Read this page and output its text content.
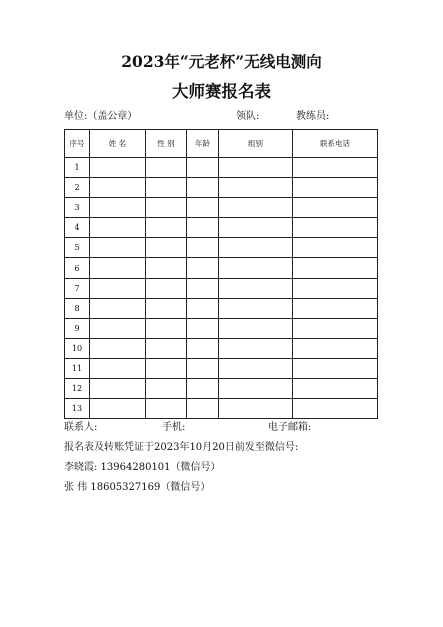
2023年“元老杯”无线电测向
大师赛报名表
单位:（盖公章）	领队:	教练员:
序号	姓 名	性 别	年龄	组别	联系电话
1					
2					
3					
4					
5					
6					
7					
8					
9					
10					
11					
12					
13					
联系人:	手机:	电子邮箱:
报名表及转账凭证于2023年10月20日前发至微信号:
李晓霞: 13964280101（微信号）
张 伟 18605327169（微信号）
